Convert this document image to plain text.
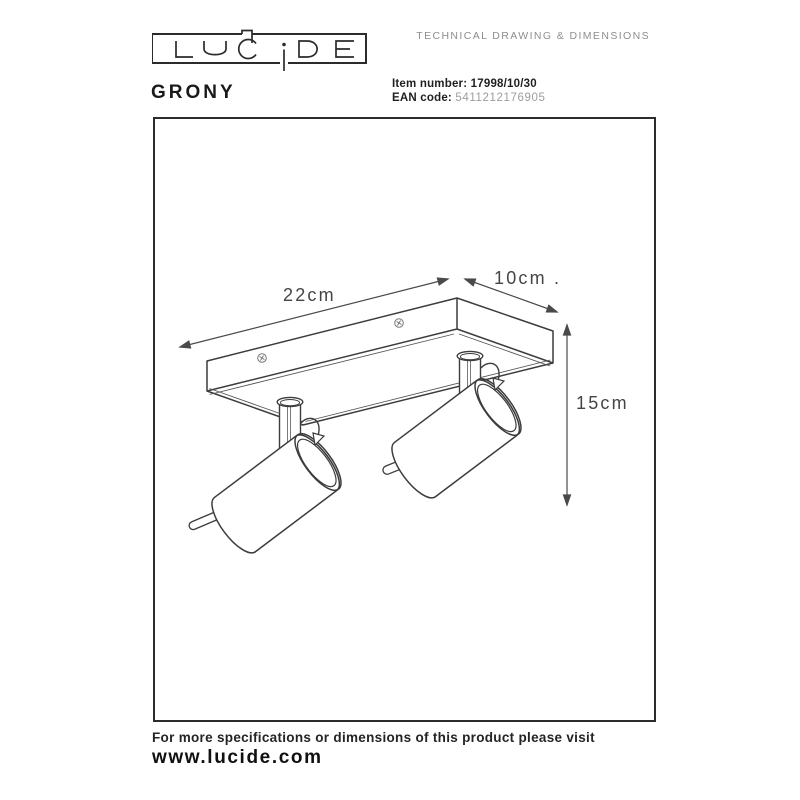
TECHNICAL DRAWING & DIMENSIONS
GRONY	Item number: 17998/10/30
EAN code: 5411212176905
22cm
10cm .
15cm
For more specifications or dimensions of this product please visit
www.lucide.com
